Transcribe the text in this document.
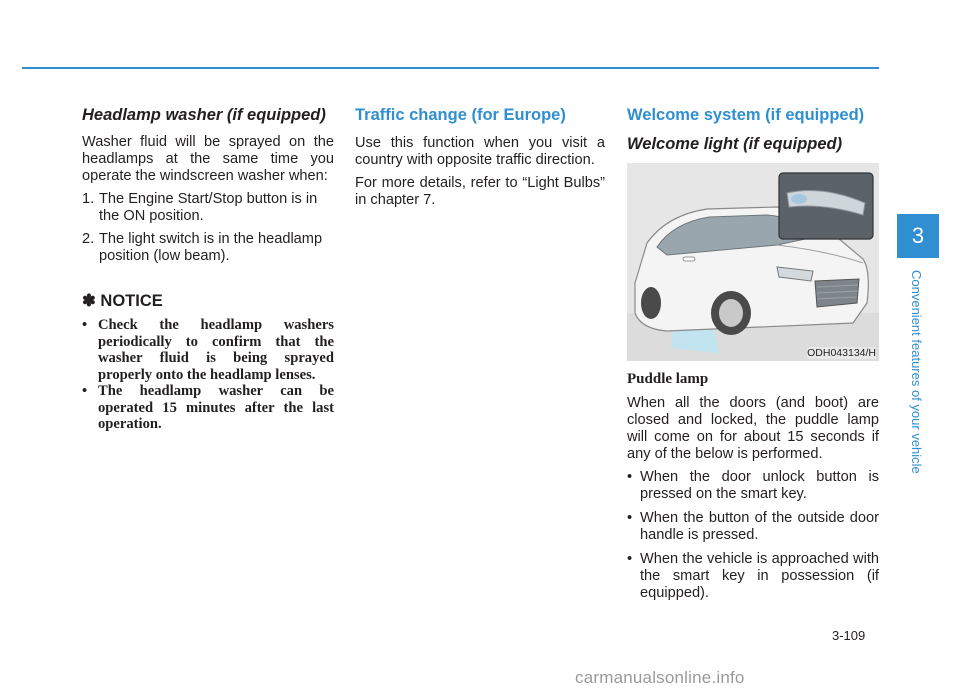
Headlamp washer (if equipped)

Washer fluid will be sprayed on the headlamps at the same time you operate the windscreen washer when:

1. The Engine Start/Stop button is in the ON position.
2. The light switch is in the headlamp position (low beam).
✽ NOTICE
• Check the headlamp washers periodically to confirm that the washer fluid is being sprayed properly onto the headlamp lenses.
• The headlamp washer can be operated 15 minutes after the last operation.
Traffic change (for Europe)

Use this function when you visit a country with opposite traffic direction.

For more details, refer to “Light Bulbs” in chapter 7.

Welcome system (if equipped)
Welcome light (if equipped)
ODH043134/H
Puddle lamp

When all the doors (and boot) are closed and locked, the puddle lamp will come on for about 15 seconds if any of the below is performed.

• When the door unlock button is pressed on the smart key.
• When the button of the outside door handle is pressed.
• When the vehicle is approached with the smart key in possession (if equipped).
3
Convenient features of your vehicle
3-109
carmanualsonline.info
